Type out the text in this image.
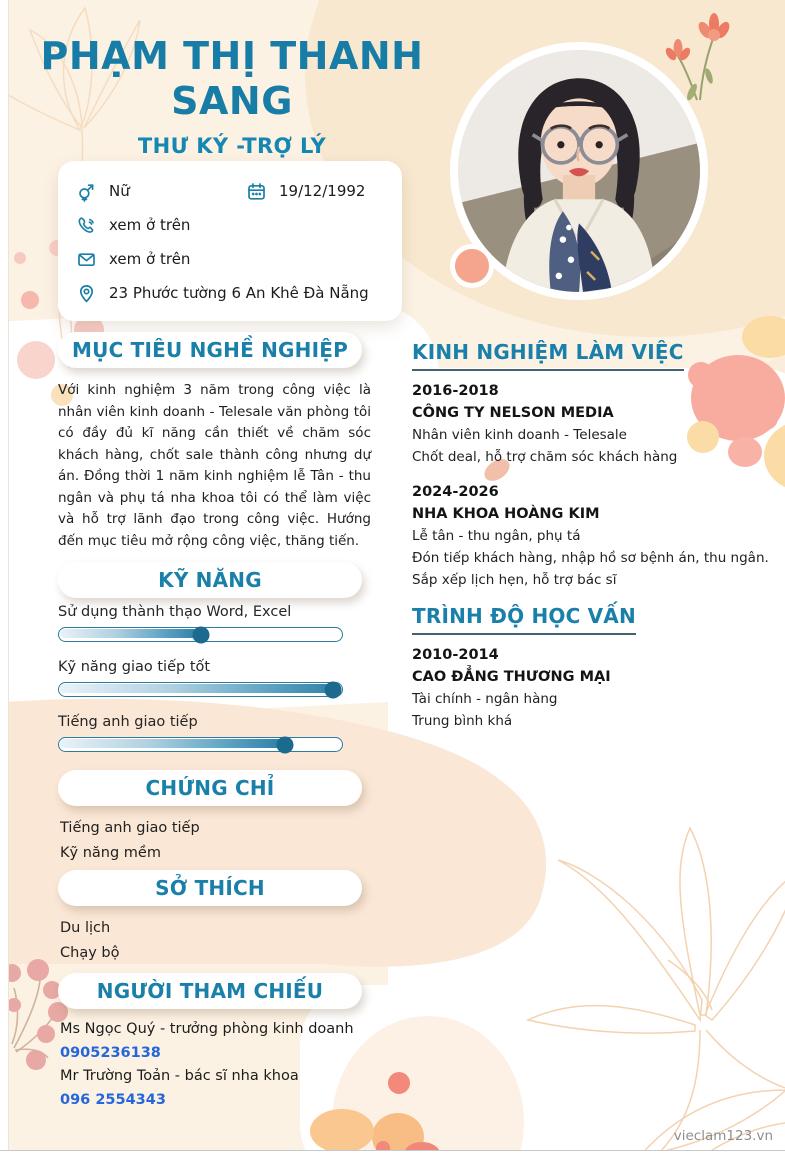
PHẠM THỊ THANH
SANG
THƯ KÝ -TRỢ LÝ
Nữ	19/12/1992
xem ở trên
xem ở trên
23 Phước tường 6 An Khê Đà Nẵng
MỤC TIÊU NGHỀ NGHIỆP
Với kinh nghiệm 3 năm trong công việc là nhân viên kinh doanh - Telesale văn phòng tôi có đầy đủ kĩ năng cần thiết về chăm sóc khách hàng, chốt sale thành công nhưng dự án. Đồng thời 1 năm kinh nghiệm lễ Tân - thu ngân và phụ tá nha khoa tôi có thể làm việc và hỗ trợ lãnh đạo trong công việc. Hướng đến mục tiêu mở rộng công việc, thăng tiến.
KỸ NĂNG
Sử dụng thành thạo Word, Excel
Kỹ năng giao tiếp tốt
Tiếng anh giao tiếp
CHỨNG CHỈ
Tiếng anh giao tiếp
Kỹ năng mềm
SỞ THÍCH
Du lịch
Chạy bộ
NGƯỜI THAM CHIẾU
Ms Ngọc Quý - trưởng phòng kinh doanh
0905236138
Mr Trường Toản - bác sĩ nha khoa
096 2554343
KINH NGHIỆM LÀM VIỆC
2016-2018
CÔNG TY NELSON MEDIA
Nhân viên kinh doanh - Telesale
Chốt deal, hỗ trợ chăm sóc khách hàng
2024-2026
NHA KHOA HOÀNG KIM
Lễ tân - thu ngân, phụ tá
Đón tiếp khách hàng, nhập hồ sơ bệnh án, thu ngân.
Sắp xếp lịch hẹn, hỗ trợ bác sĩ
TRÌNH ĐỘ HỌC VẤN
2010-2014
CAO ĐẲNG THƯƠNG MẠI
Tài chính - ngân hàng
Trung bình khá
vieclam123.vn
